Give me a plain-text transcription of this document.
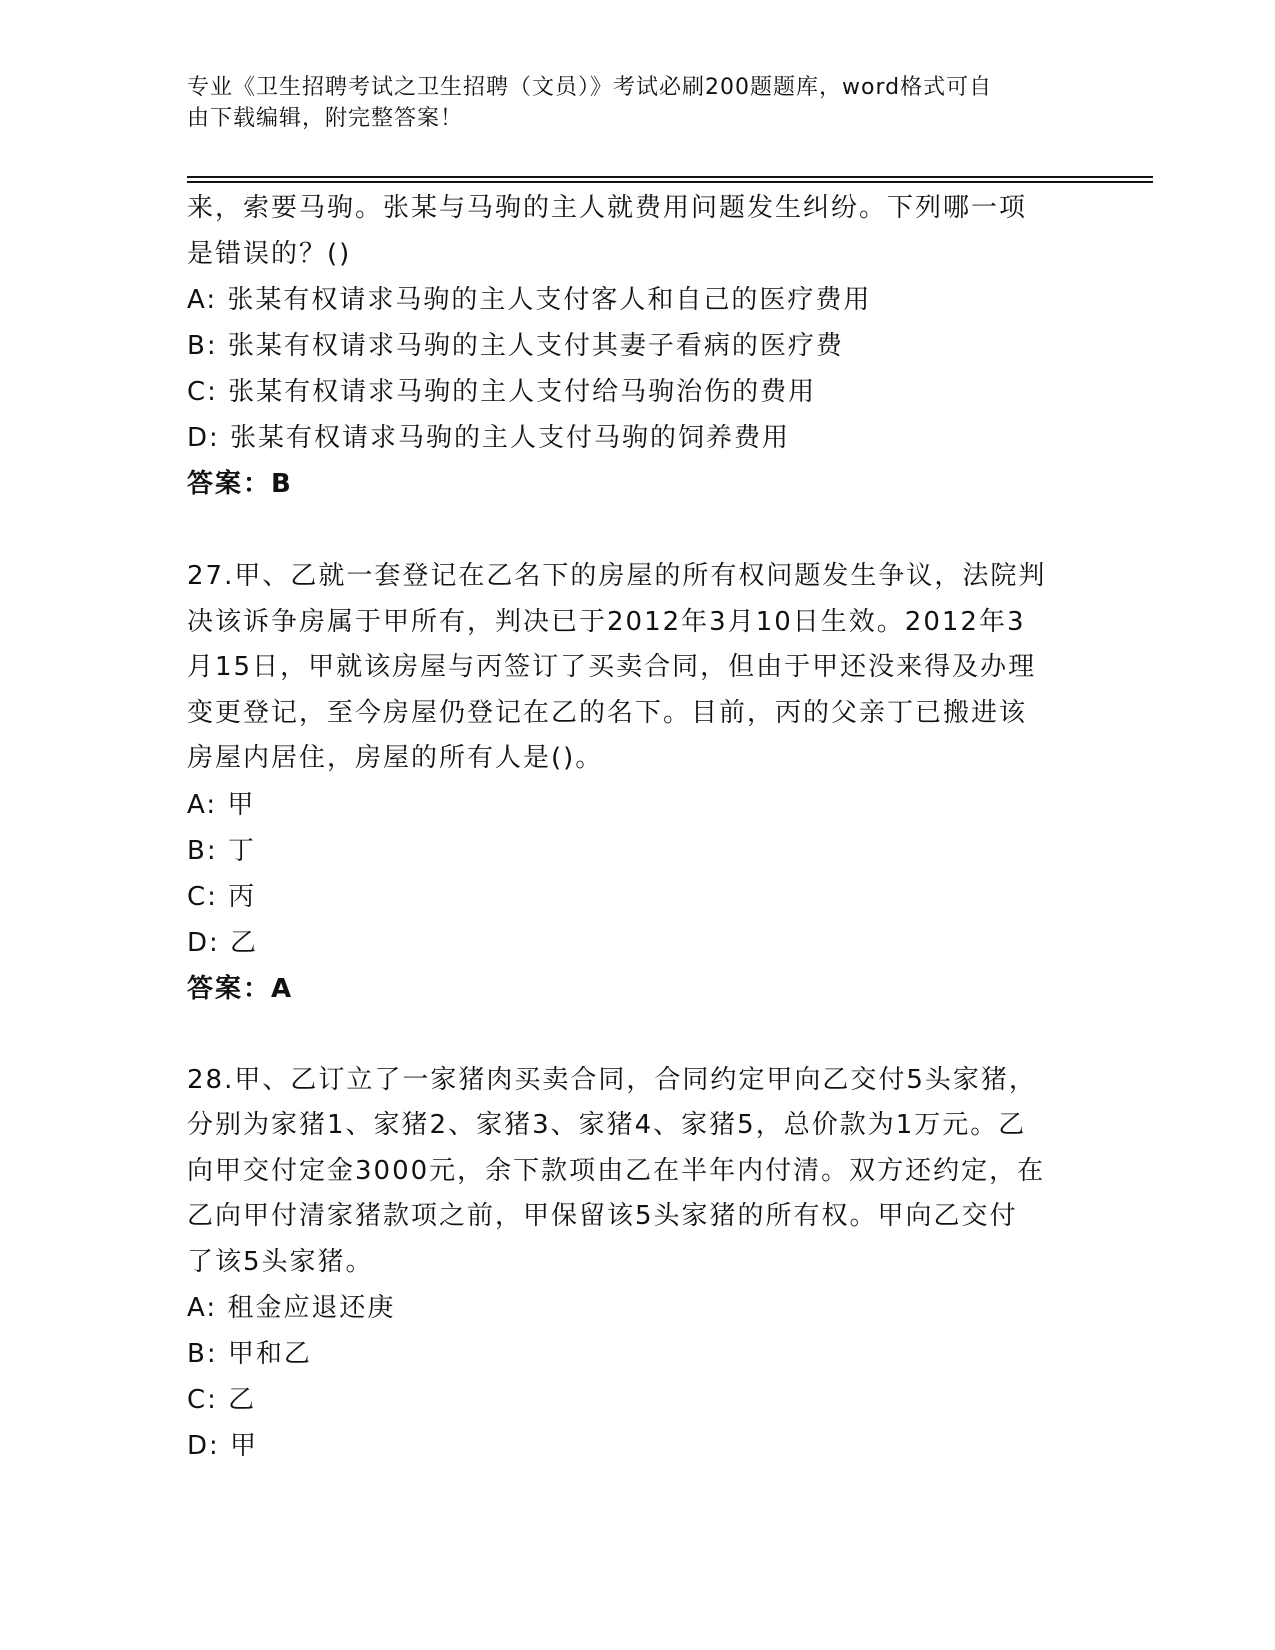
专业《卫生招聘考试之卫生招聘（文员）》考试必刷200题题库，word格式可自
由下载编辑，附完整答案！
来，索要马驹。张某与马驹的主人就费用问题发生纠纷。下列哪一项
是错误的？()
A: 张某有权请求马驹的主人支付客人和自己的医疗费用
B: 张某有权请求马驹的主人支付其妻子看病的医疗费
C: 张某有权请求马驹的主人支付给马驹治伤的费用
D: 张某有权请求马驹的主人支付马驹的饲养费用
答案：B
27.甲、乙就一套登记在乙名下的房屋的所有权问题发生争议，法院判
决该诉争房属于甲所有，判决已于2012年3月10日生效。2012年3
月15日，甲就该房屋与丙签订了买卖合同，但由于甲还没来得及办理
变更登记，至今房屋仍登记在乙的名下。目前，丙的父亲丁已搬进该
房屋内居住，房屋的所有人是()。
A: 甲
B: 丁
C: 丙
D: 乙
答案：A
28.甲、乙订立了一家猪肉买卖合同，合同约定甲向乙交付5头家猪，
分别为家猪1、家猪2、家猪3、家猪4、家猪5，总价款为1万元。乙
向甲交付定金3000元，余下款项由乙在半年内付清。双方还约定，在
乙向甲付清家猪款项之前，甲保留该5头家猪的所有权。甲向乙交付
了该5头家猪。
A: 租金应退还庚
B: 甲和乙
C: 乙
D: 甲
